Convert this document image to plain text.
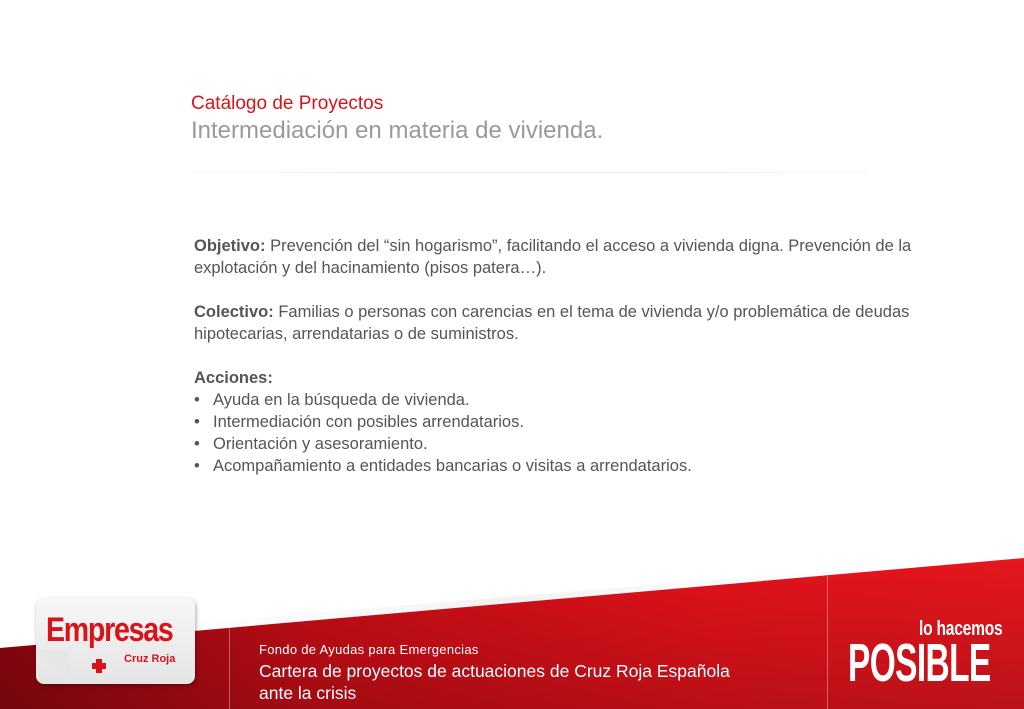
Catálogo de Proyectos
Intermediación en materia de vivienda.

Objetivo: Prevención del “sin hogarismo”, facilitando el acceso a vivienda digna. Prevención de la explotación y del hacinamiento (pisos patera…).

Colectivo: Familias o personas con carencias en el tema de vivienda y/o problemática de deudas hipotecarias, arrendatarias o de suministros.

Acciones:
• Ayuda en la búsqueda de vivienda.
• Intermediación con posibles arrendatarios.
• Orientación y asesoramiento.
• Acompañamiento a entidades bancarias o visitas a arrendatarios.
Empresas
Cruz Roja
Fondo de Ayudas para Emergencias
Cartera de proyectos de actuaciones de Cruz Roja Española
ante la crisis
lo hacemos
POSIBLE
